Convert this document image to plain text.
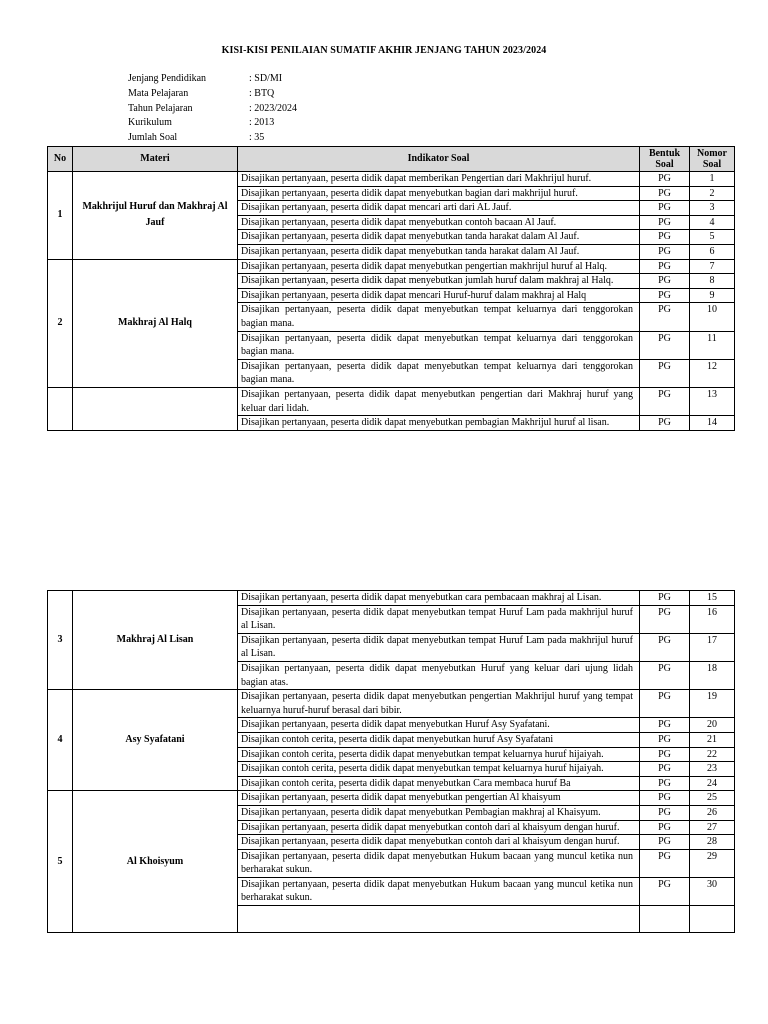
KISI-KISI PENILAIAN SUMATIF AKHIR JENJANG TAHUN 2023/2024
Jenjang Pendidikan	: SD/MI
Mata Pelajaran	: BTQ
Tahun Pelajaran	: 2023/2024
Kurikulum	: 2013
Jumlah Soal	: 35
No	Materi	Indikator Soal	Bentuk Soal	Nomor Soal
1	Makhrijul Huruf dan Makhraj Al Jauf	Disajikan pertanyaan, peserta didik dapat memberikan Pengertian dari Makhrijul huruf.	PG	1
		Disajikan pertanyaan, peserta didik dapat menyebutkan bagian dari makhrijul huruf.	PG	2
		Disajikan pertanyaan, peserta didik dapat mencari arti dari AL Jauf.	PG	3
		Disajikan pertanyaan, peserta didik dapat menyebutkan contoh bacaan Al Jauf.	PG	4
		Disajikan pertanyaan, peserta didik dapat menyebutkan tanda harakat dalam Al Jauf.	PG	5
		Disajikan pertanyaan, peserta didik dapat menyebutkan tanda harakat dalam Al Jauf.	PG	6
2	Makhraj Al Halq	Disajikan pertanyaan, peserta didik dapat menyebutkan pengertian makhrijul huruf al Halq.	PG	7
		Disajikan pertanyaan, peserta didik dapat menyebutkan jumlah huruf dalam makhraj al Halq.	PG	8
		Disajikan pertanyaan, peserta didik dapat mencari Huruf-huruf dalam makhraj al Halq	PG	9
		Disajikan pertanyaan, peserta didik dapat menyebutkan tempat keluarnya dari tenggorokan bagian mana.	PG	10
		Disajikan pertanyaan, peserta didik dapat menyebutkan tempat keluarnya dari tenggorokan bagian mana.	PG	11
		Disajikan pertanyaan, peserta didik dapat menyebutkan tempat keluarnya dari tenggorokan bagian mana.	PG	12
		Disajikan pertanyaan, peserta didik dapat menyebutkan pengertian dari Makhraj huruf yang keluar dari lidah.	PG	13
		Disajikan pertanyaan, peserta didik dapat menyebutkan pembagian Makhrijul huruf al lisan.	PG	14
3	Makhraj Al Lisan	Disajikan pertanyaan, peserta didik dapat menyebutkan cara pembacaan makhraj al Lisan.	PG	15
		Disajikan pertanyaan, peserta didik dapat menyebutkan tempat Huruf Lam pada makhrijul huruf al Lisan.	PG	16
		Disajikan pertanyaan, peserta didik dapat menyebutkan tempat Huruf Lam pada makhrijul huruf al Lisan.	PG	17
		Disajikan pertanyaan, peserta didik dapat menyebutkan Huruf yang keluar dari ujung lidah bagian atas.	PG	18
4	Asy Syafatani	Disajikan pertanyaan, peserta didik dapat menyebutkan pengertian Makhrijul huruf yang tempat keluarnya huruf-huruf berasal dari bibir.	PG	19
		Disajikan pertanyaan, peserta didik dapat menyebutkan Huruf Asy Syafatani.	PG	20
		Disajikan contoh cerita, peserta didik dapat menyebutkan huruf Asy Syafatani	PG	21
		Disajikan contoh cerita, peserta didik dapat menyebutkan tempat keluarnya huruf hijaiyah.	PG	22
		Disajikan contoh cerita, peserta didik dapat menyebutkan tempat keluarnya huruf hijaiyah.	PG	23
		Disajikan contoh cerita, peserta didik dapat menyebutkan Cara membaca huruf Ba	PG	24
5	Al Khoisyum	Disajikan pertanyaan, peserta didik dapat menyebutkan pengertian Al khaisyum	PG	25
		Disajikan pertanyaan, peserta didik dapat menyebutkan Pembagian makhraj al Khaisyum.	PG	26
		Disajikan pertanyaan, peserta didik dapat menyebutkan contoh dari al khaisyum dengan huruf.	PG	27
		Disajikan pertanyaan, peserta didik dapat menyebutkan contoh dari al khaisyum dengan huruf.	PG	28
		Disajikan pertanyaan, peserta didik dapat menyebutkan Hukum bacaan yang muncul ketika nun berharakat sukun.	PG	29
		Disajikan pertanyaan, peserta didik dapat menyebutkan Hukum bacaan yang muncul ketika nun berharakat sukun.	PG	30
